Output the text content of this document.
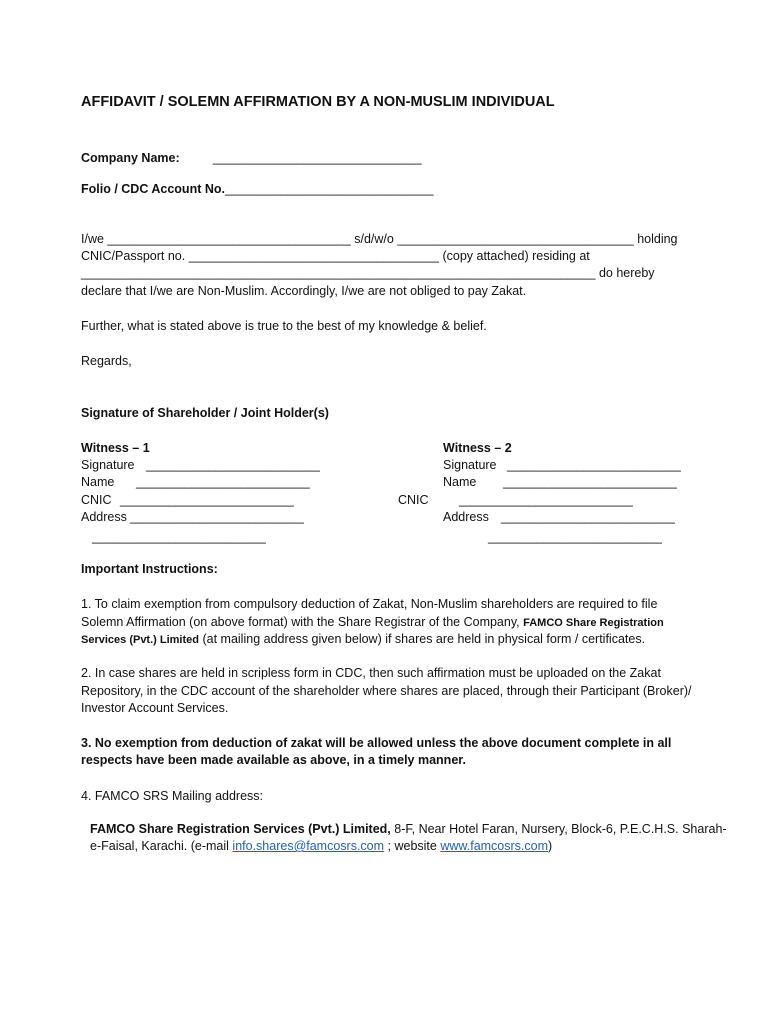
AFFIDAVIT / SOLEMN AFFIRMATION BY A NON-MUSLIM INDIVIDUAL
Company Name:	______________________________
Folio / CDC Account No.______________________________
I/we ___________________________________ s/d/w/o __________________________________ holding
CNIC/Passport no. ____________________________________ (copy attached) residing at
__________________________________________________________________________ do hereby
declare that I/we are Non-Muslim. Accordingly, I/we are not obliged to pay Zakat.
Further, what is stated above is true to the best of my knowledge & belief.
Regards,
Signature of Shareholder / Joint Holder(s)
Witness – 1
Signature _________________________
Name _________________________
CNIC _________________________
Address _________________________
_________________________
Witness – 2
Signature _________________________
Name _________________________
CNIC _________________________
Address _________________________
_________________________
Important Instructions:
1. To claim exemption from compulsory deduction of Zakat, Non-Muslim shareholders are required to file
Solemn Affirmation (on above format) with the Share Registrar of the Company, FAMCO Share Registration
Services (Pvt.) Limited (at mailing address given below) if shares are held in physical form / certificates.
2. In case shares are held in scripless form in CDC, then such affirmation must be uploaded on the Zakat
Repository, in the CDC account of the shareholder where shares are placed, through their Participant (Broker)/
Investor Account Services.
3. No exemption from deduction of zakat will be allowed unless the above document complete in all
respects have been made available as above, in a timely manner.
4. FAMCO SRS Mailing address:
FAMCO Share Registration Services (Pvt.) Limited, 8-F, Near Hotel Faran, Nursery, Block-6, P.E.C.H.S. Sharah-
e-Faisal, Karachi. (e-mail info.shares@famcosrs.com ; website www.famcosrs.com)
